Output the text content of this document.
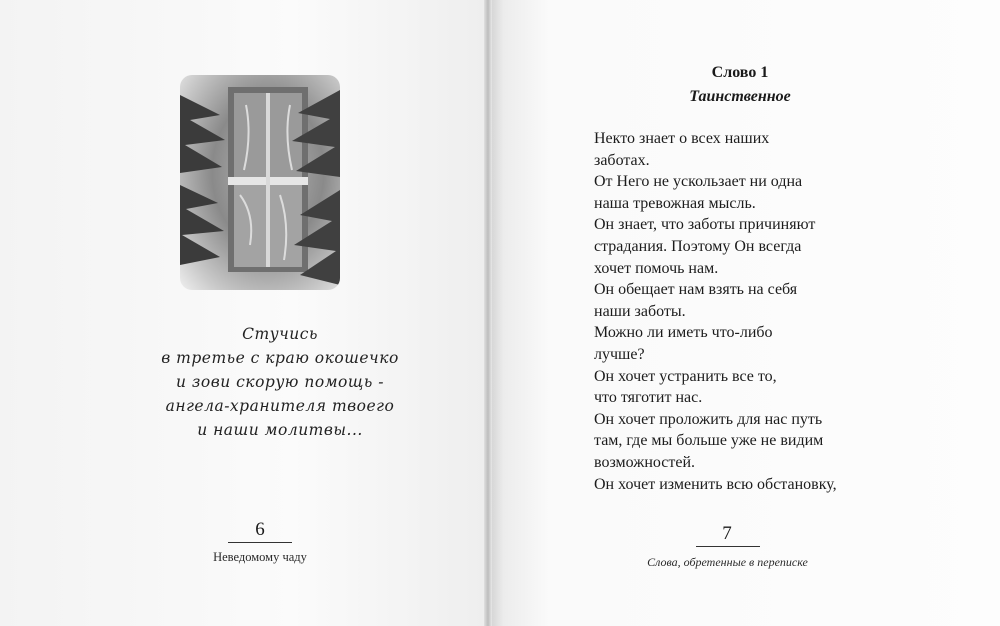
Стучись
в третье с краю окошечко
и зови скорую помощь -
ангела-хранителя твоего
и наши молитвы...
6
Неведомому чаду
Слово 1
Таинственное
Некто знает о всех наших
заботах.
От Него не ускользает ни одна
наша тревожная мысль.
Он знает, что заботы причиняют
страдания. Поэтому Он всегда
хочет помочь нам.
Он обещает нам взять на себя
наши заботы.
Можно ли иметь что-либо
лучше?
Он хочет устранить все то,
что тяготит нас.
Он хочет проложить для нас путь
там, где мы больше уже не видим
возможностей.
Он хочет изменить всю обстановку,
7
Слова, обретенные в переписке
